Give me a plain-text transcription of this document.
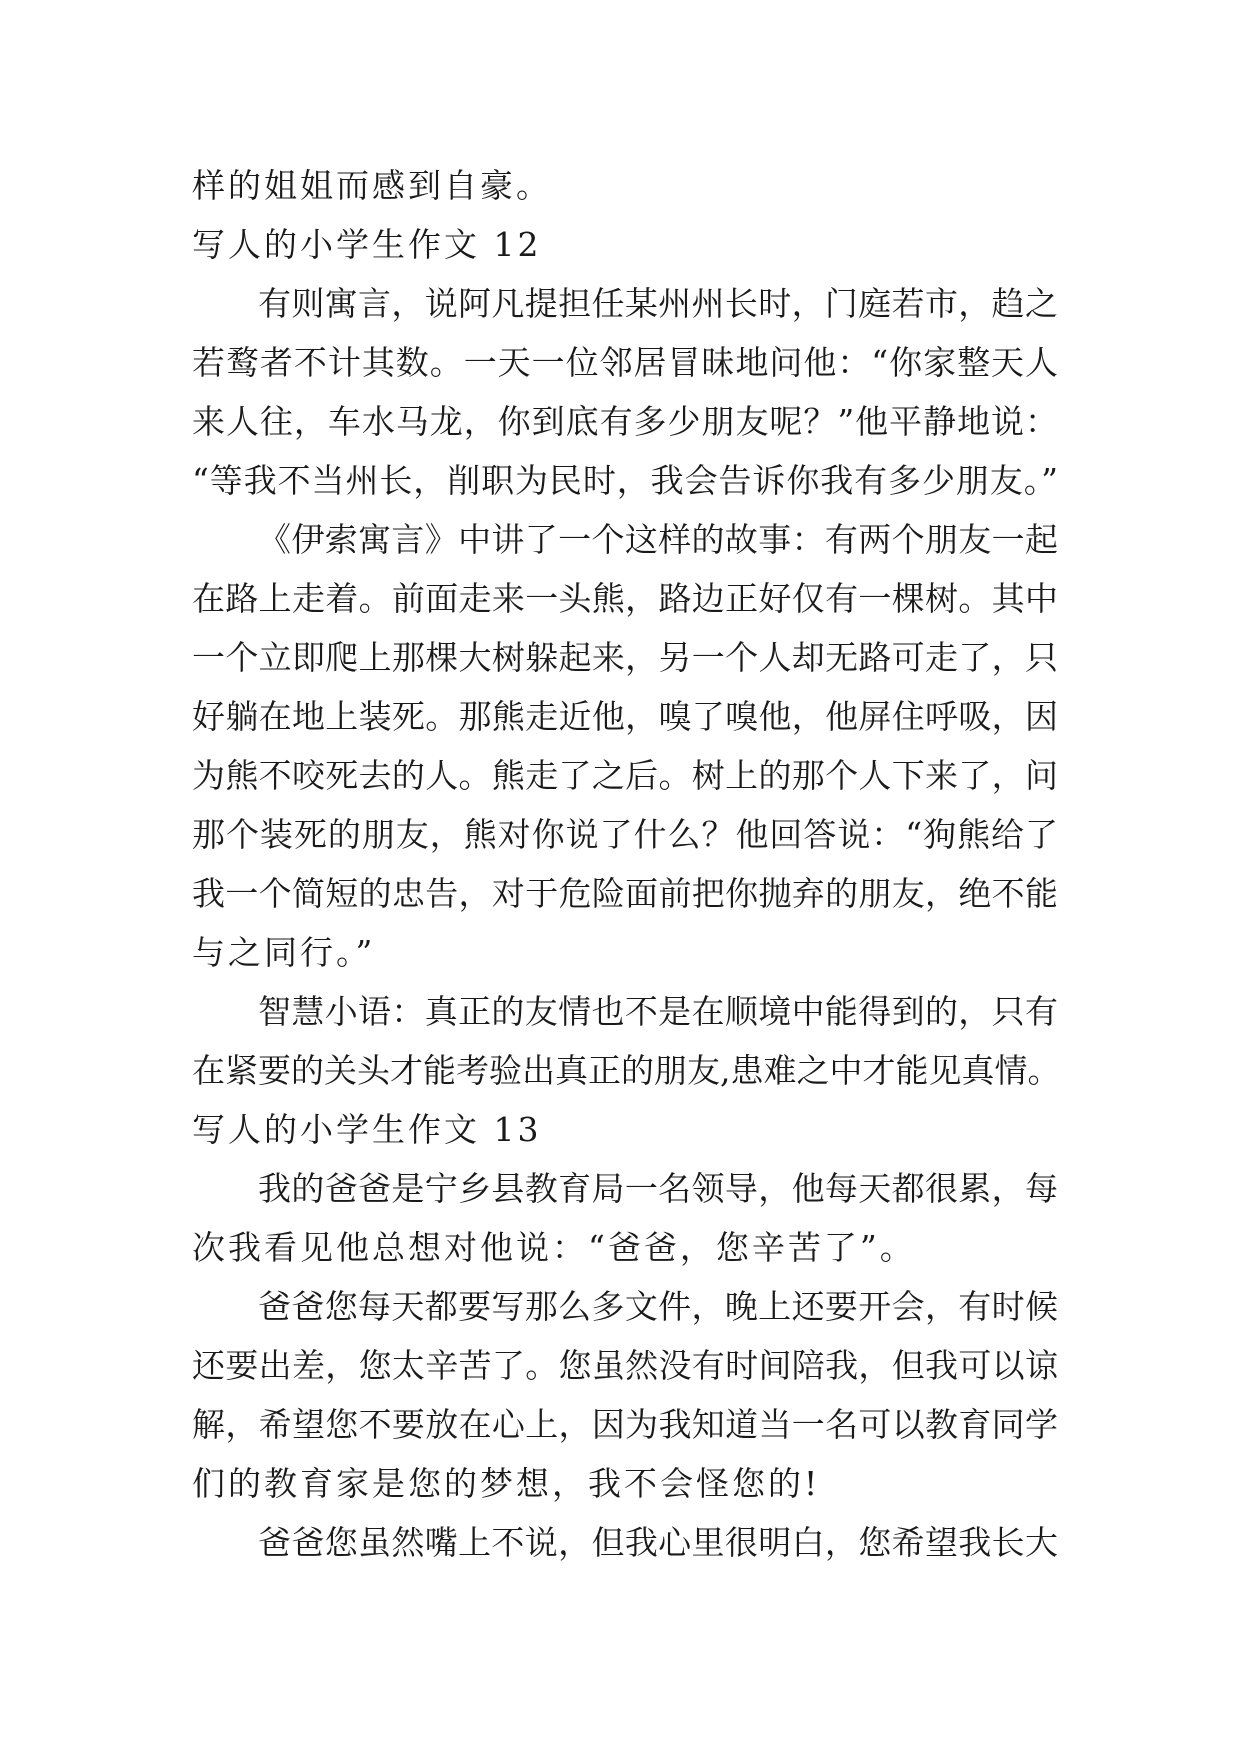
样的姐姐而感到自豪。
写人的小学生作文 12
有则寓言，说阿凡提担任某州州长时，门庭若市，趋之
若鹜者不计其数。一天一位邻居冒昧地问他：“你家整天人
来人往，车水马龙，你到底有多少朋友呢？”他平静地说：
“等我不当州长，削职为民时，我会告诉你我有多少朋友。”
《伊索寓言》中讲了一个这样的故事：有两个朋友一起
在路上走着。前面走来一头熊，路边正好仅有一棵树。其中
一个立即爬上那棵大树躲起来，另一个人却无路可走了，只
好躺在地上装死。那熊走近他，嗅了嗅他，他屏住呼吸，因
为熊不咬死去的人。熊走了之后。树上的那个人下来了，问
那个装死的朋友，熊对你说了什么？他回答说：“狗熊给了
我一个简短的忠告，对于危险面前把你抛弃的朋友，绝不能
与之同行。”
智慧小语：真正的友情也不是在顺境中能得到的，只有
在紧要的关头才能考验出真正的朋友,患难之中才能见真情。
写人的小学生作文 13
我的爸爸是宁乡县教育局一名领导，他每天都很累，每
次我看见他总想对他说：“爸爸，您辛苦了”。
爸爸您每天都要写那么多文件，晚上还要开会，有时候
还要出差，您太辛苦了。您虽然没有时间陪我，但我可以谅
解，希望您不要放在心上，因为我知道当一名可以教育同学
们的教育家是您的梦想，我不会怪您的!
爸爸您虽然嘴上不说，但我心里很明白，您希望我长大
